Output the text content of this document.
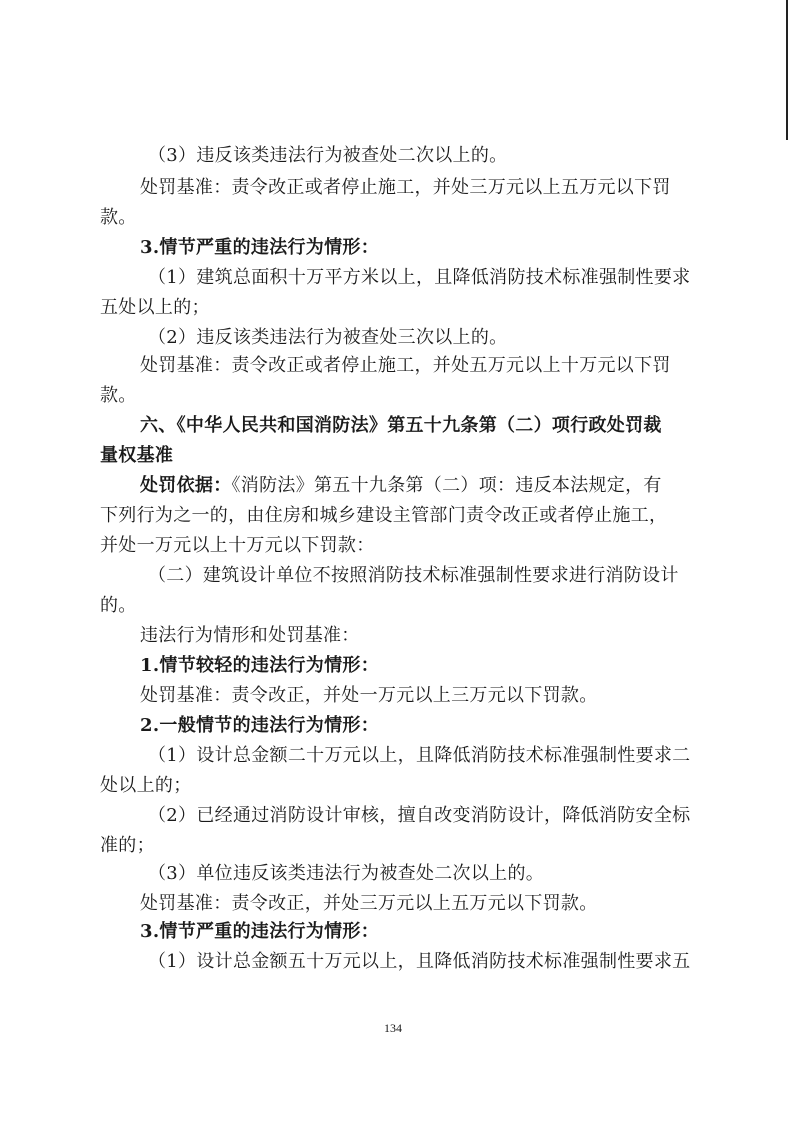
（3）违反该类违法行为被查处二次以上的。
处罚基准：责令改正或者停止施工，并处三万元以上五万元以下罚
款。
3.情节严重的违法行为情形：
（1）建筑总面积十万平方米以上，且降低消防技术标准强制性要求
五处以上的；
（2）违反该类违法行为被查处三次以上的。
处罚基准：责令改正或者停止施工，并处五万元以上十万元以下罚
款。
六、《中华人民共和国消防法》第五十九条第（二）项行政处罚裁
量权基准
处罚依据：《消防法》第五十九条第（二）项：违反本法规定，有
下列行为之一的，由住房和城乡建设主管部门责令改正或者停止施工，
并处一万元以上十万元以下罚款：
（二）建筑设计单位不按照消防技术标准强制性要求进行消防设计
的。
违法行为情形和处罚基准：
1.情节较轻的违法行为情形：
处罚基准：责令改正，并处一万元以上三万元以下罚款。
2.一般情节的违法行为情形：
（1）设计总金额二十万元以上，且降低消防技术标准强制性要求二
处以上的；
（2）已经通过消防设计审核，擅自改变消防设计，降低消防安全标
准的；
（3）单位违反该类违法行为被查处二次以上的。
处罚基准：责令改正，并处三万元以上五万元以下罚款。
3.情节严重的违法行为情形：
（1）设计总金额五十万元以上，且降低消防技术标准强制性要求五
134
